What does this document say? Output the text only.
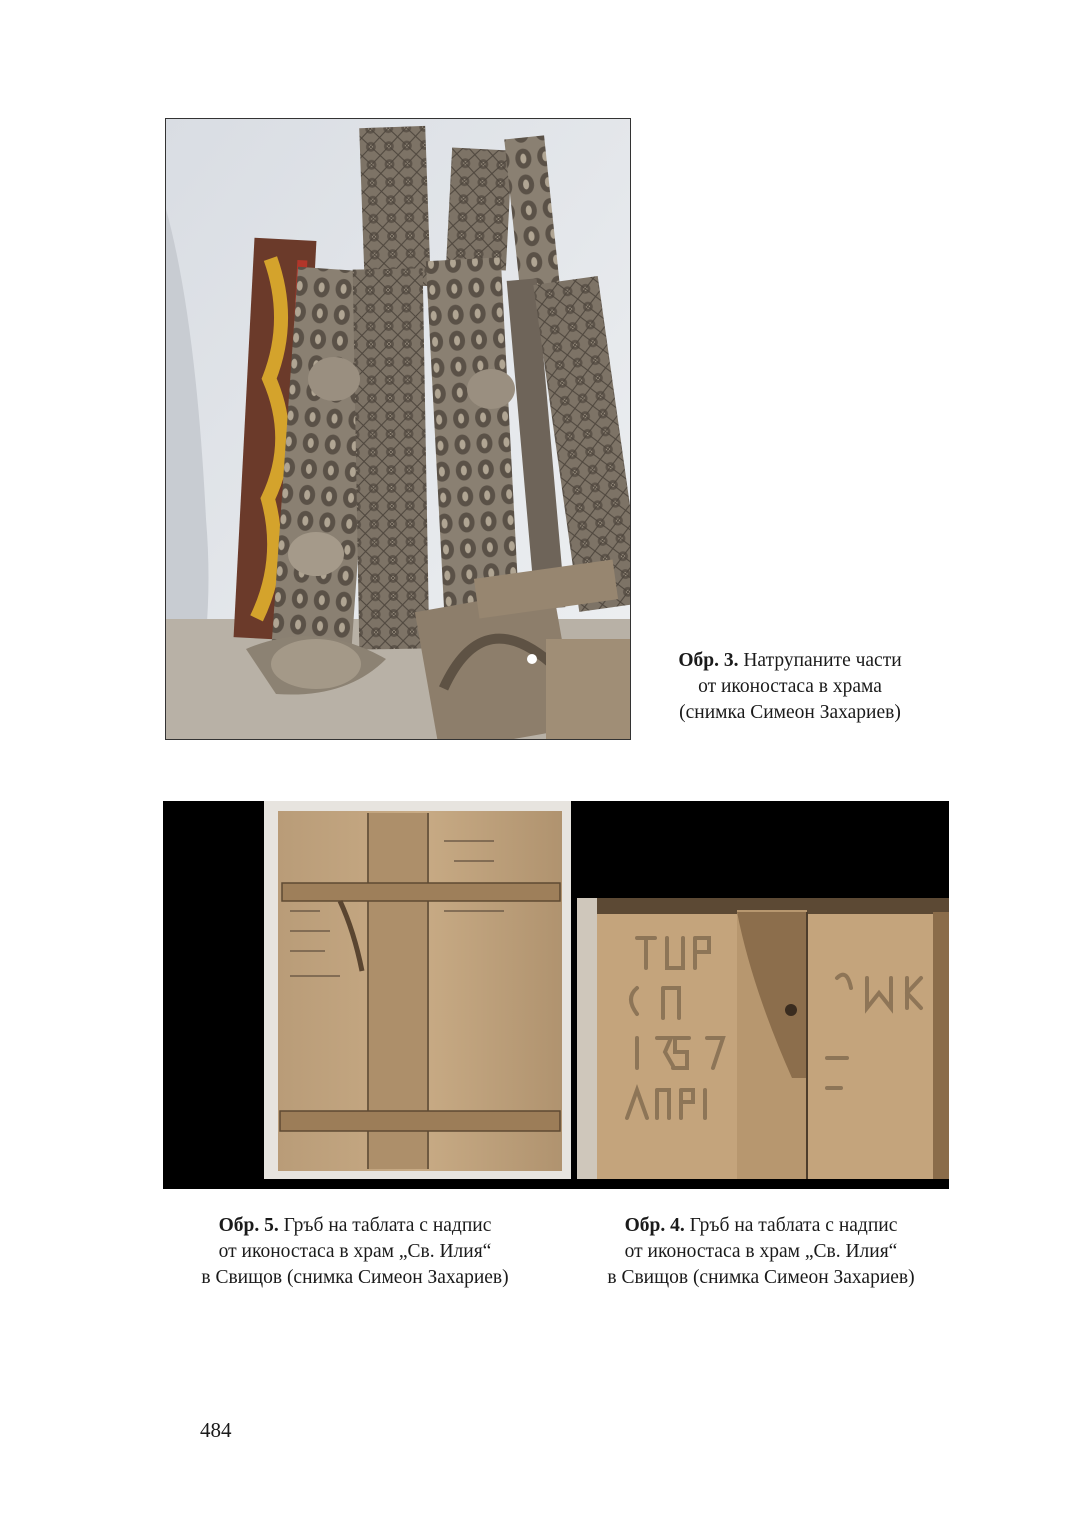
Обр. 3. Натрупаните части
от иконостаса в храма
(снимка Симеон Захариев)
Обр. 5. Гръб на таблата с надпис
от иконостаса в храм „Св. Илия“
в Свищов (снимка Симеон Захариев)
Обр. 4. Гръб на таблата с надпис
от иконостаса в храм „Св. Илия“
в Свищов (снимка Симеон Захариев)
484
